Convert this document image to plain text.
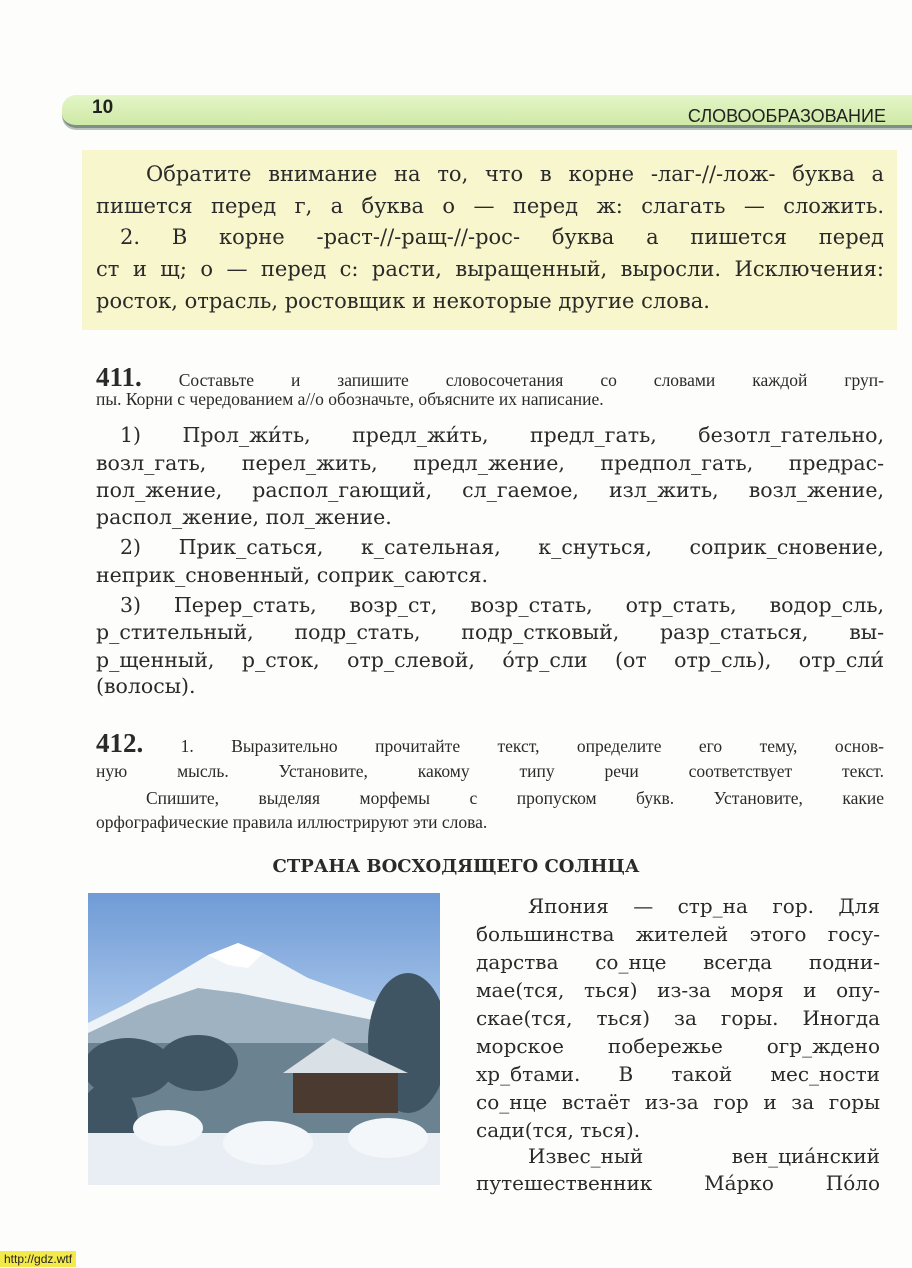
10	СЛОВООБРАЗОВАНИЕ
Обратите внимание на то, что в корне -лаг-//-лож- буква а
пишется перед г, а буква о — перед ж: слагать — сложить.
2. В корне -раст-//-ращ-//-рос- буква а пишется перед
ст и щ; о — перед с: расти, выращенный, выросли. Исключения:
росток, отрасль, ростовщик и некоторые другие слова.
411. Составьте и запишите словосочетания со словами каждой груп-
пы. Корни с чередованием а//о обозначьте, объясните их написание.
1) Прол_жи́ть, предл_жи́ть, предл_гать, безотл_гательно,
возл_гать, перел_жить, предл_жение, предпол_гать, предрас-
пол_жение, распол_гающий, сл_гаемое, изл_жить, возл_жение,
распол_жение, пол_жение.
2) Прик_саться, к_сательная, к_снуться, соприк_сновение,
неприк_сновенный, соприк_саются.
3) Перер_стать, возр_ст, возр_стать, отр_стать, водор_сль,
р_стительный, подр_стать, подр_стковый, разр_статься, вы-
р_щенный, р_сток, отр_слевой, о́тр_сли (от отр_сль), отр_сли́
(волосы).
412. 1. Выразительно прочитайте текст, определите его тему, основ-
ную мысль. Установите, какому типу речи соответствует текст.
Спишите, выделяя морфемы с пропуском букв. Установите, какие
орфографические правила иллюстрируют эти слова.
СТРАНА ВОСХОДЯЩЕГО СОЛНЦА
Япония — стр_на гор. Для
большинства жителей этого госу-
дарства со_нце всегда подни-
мае(тся, ться) из-за моря и опу-
скае(тся, ться) за горы. Иногда
морское побережье огр_ждено
хр_бтами. В такой мес_ности
со_нце встаёт из-за гор и за горы
сади(тся, ться).
Извес_ный вен_циа́нский
путешественник Ма́рко По́ло
http://gdz.wtf
